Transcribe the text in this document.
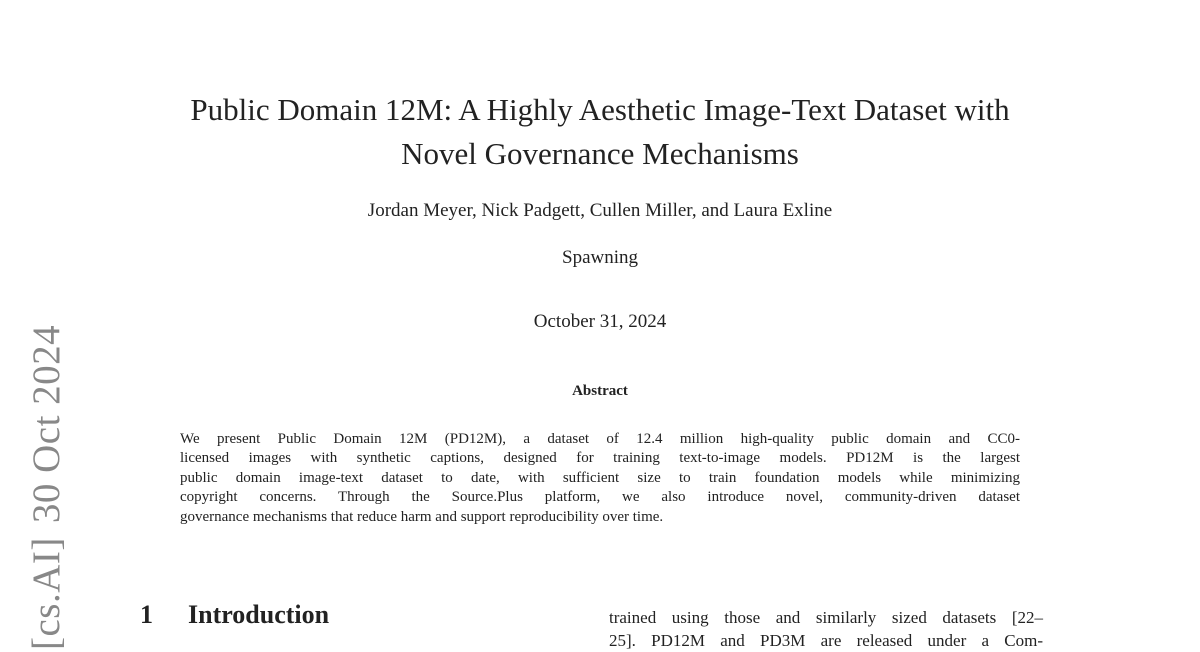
[cs.AI]30 Oct 2024
Public Domain 12M: A Highly Aesthetic Image-Text Dataset with
Novel Governance Mechanisms
Jordan Meyer, Nick Padgett, Cullen Miller, and Laura Exline
Spawning
October 31, 2024
Abstract
We present Public Domain 12M (PD12M), a dataset of 12.4 million high-quality public domain and CC0-
licensed images with synthetic captions, designed for training text-to-image models. PD12M is the largest
public domain image-text dataset to date, with sufficient size to train foundation models while minimizing
copyright concerns. Through the Source.Plus platform, we also introduce novel, community-driven dataset
governance mechanisms that reduce harm and support reproducibility over time.
1 Introduction	trained using those and similarly sized datasets [22–
25]. PD12M and PD3M are released under a Com-
